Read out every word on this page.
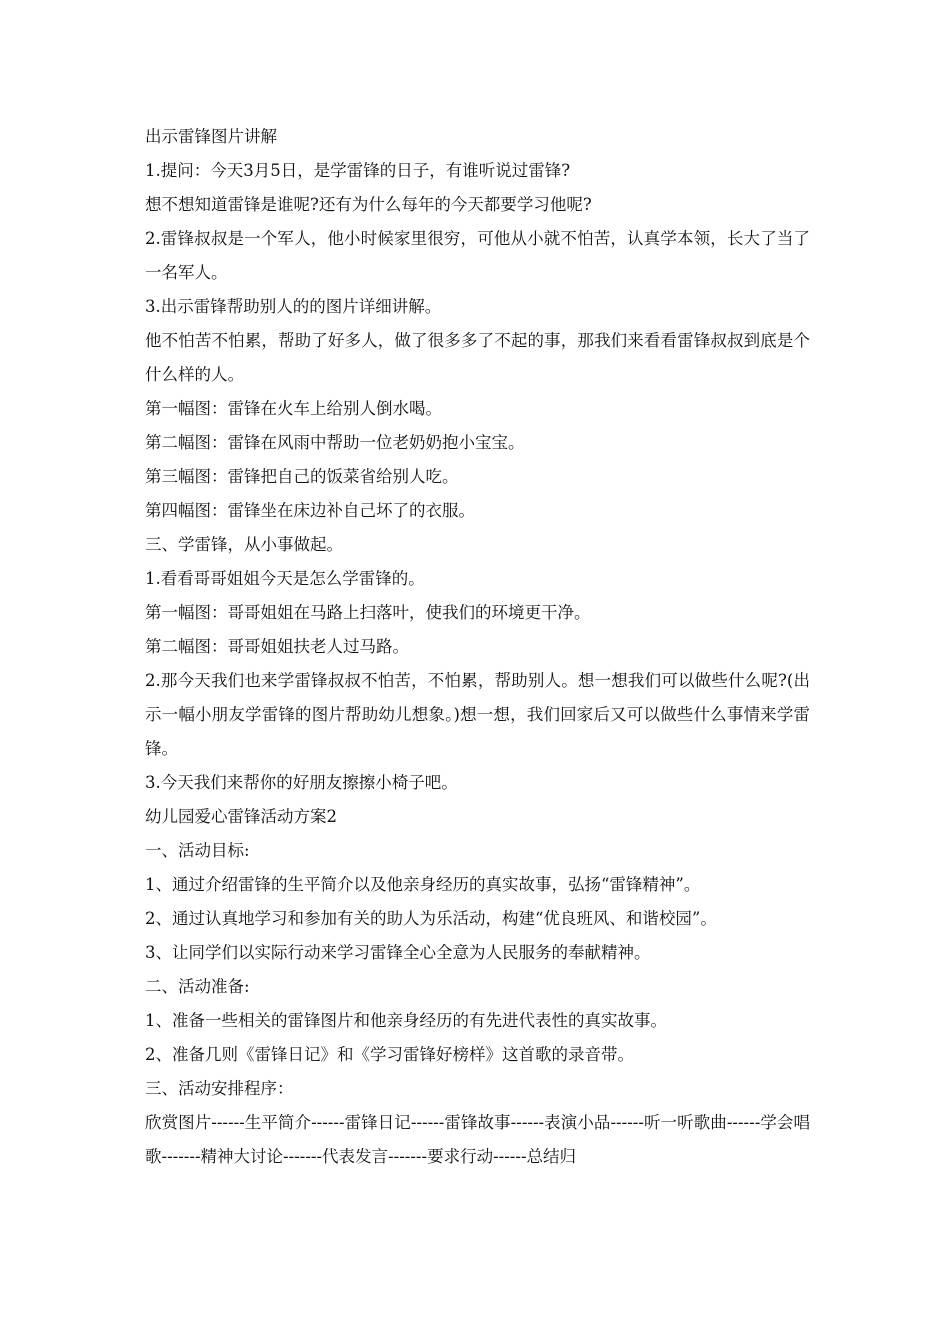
出示雷锋图片讲解

1.提问：今天3月5日，是学雷锋的日子，有谁听说过雷锋?

想不想知道雷锋是谁呢?还有为什么每年的今天都要学习他呢?

2.雷锋叔叔是一个军人，他小时候家里很穷，可他从小就不怕苦，认真学本领，长大了当了一名军人。

3.出示雷锋帮助别人的的图片详细讲解。

他不怕苦不怕累，帮助了好多人，做了很多多了不起的事，那我们来看看雷锋叔叔到底是个什么样的人。

第一幅图：雷锋在火车上给别人倒水喝。

第二幅图：雷锋在风雨中帮助一位老奶奶抱小宝宝。

第三幅图：雷锋把自己的饭菜省给别人吃。

第四幅图：雷锋坐在床边补自己坏了的衣服。

三、学雷锋，从小事做起。

1.看看哥哥姐姐今天是怎么学雷锋的。

第一幅图：哥哥姐姐在马路上扫落叶，使我们的环境更干净。

第二幅图：哥哥姐姐扶老人过马路。

2.那今天我们也来学雷锋叔叔不怕苦，不怕累，帮助别人。想一想我们可以做些什么呢?(出示一幅小朋友学雷锋的图片帮助幼儿想象。)想一想，我们回家后又可以做些什么事情来学雷锋。

3.今天我们来帮你的好朋友擦擦小椅子吧。

幼儿园爱心雷锋活动方案2

一、活动目标:

1、通过介绍雷锋的生平简介以及他亲身经历的真实故事，弘扬“雷锋精神”。

2、通过认真地学习和参加有关的助人为乐活动，构建“优良班风、和谐校园”。

3、让同学们以实际行动来学习雷锋全心全意为人民服务的奉献精神。

二、活动准备:

1、准备一些相关的雷锋图片和他亲身经历的有先进代表性的真实故事。

2、准备几则《雷锋日记》和《学习雷锋好榜样》这首歌的录音带。

三、活动安排程序：

欣赏图片------生平简介------雷锋日记------雷锋故事------表演小品------听一听歌曲------学会唱歌-------精神大讨论-------代表发言-------要求行动------总结归
